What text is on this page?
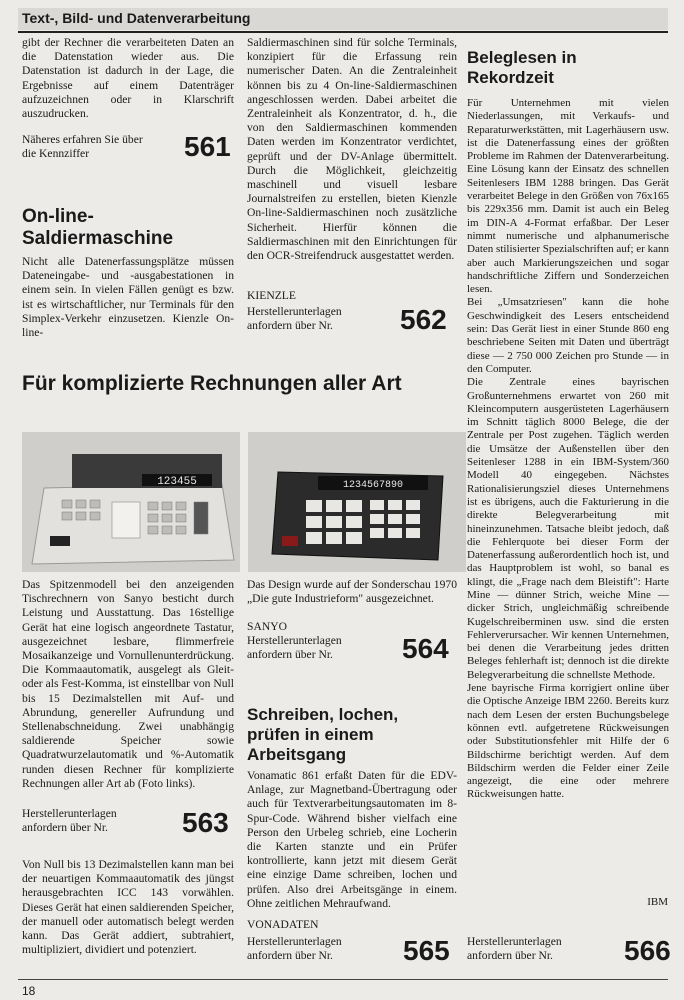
Text-, Bild- und Datenverarbeitung
gibt der Rechner die verarbeiteten Daten an die Datenstation wieder aus. Die Datenstation ist dadurch in der Lage, die Ergebnisse auf einem Datenträger aufzuzeichnen oder in Klarschrift auszudrucken.
Näheres erfahren Sie über die Kennziffer	561
On-line-Saldiermaschine
Nicht alle Datenerfassungsplätze müssen Dateneingabe- und -ausgabestationen in einem sein. In vielen Fällen genügt es bzw. ist es wirtschaftlicher, nur Terminals für den Simplex-Verkehr einzusetzen. Kienzle On-line-
Saldiermaschinen sind für solche Terminals, konzipiert für die Erfassung rein numerischer Daten. An die Zentraleinheit können bis zu 4 On-line-Saldiermaschinen angeschlossen werden. Dabei arbeitet die Zentraleinheit als Konzentrator, d. h., die von den Saldiermaschinen kommenden Daten werden im Konzentrator verdichtet, geprüft und der DV-Anlage übermittelt. Durch die Möglichkeit, gleichzeitig maschinell und visuell lesbare Journalstreifen zu erstellen, bieten Kienzle On-line-Saldiermaschinen noch zusätzliche Sicherheit. Hierfür können die Saldiermaschinen mit den Einrichtungen für den OCR-Streifendruck ausgestattet werden.
KIENZLE
Herstellerunterlagen anfordern über Nr.	562
Für komplizierte Rechnungen aller Art
123455	1234567890
Das Spitzenmodell bei den anzeigenden Tischrechnern von Sanyo besticht durch Leistung und Ausstattung. Das 16stellige Gerät hat eine logisch angeordnete Tastatur, ausgezeichnet lesbare, flimmerfreie Mosaikanzeige und Vornullenunterdrückung. Die Kommaautomatik, ausgelegt als Gleit- oder als Fest-Komma, ist einstellbar von Null bis 15 Dezimalstellen mit Auf- und Abrundung, genereller Aufrundung und Stellenabschneidung. Zwei unabhängig saldierende Speicher sowie Quadratwurzelautomatik und %-Automatik runden diesen Rechner für komplizierte Rechnungen aller Art ab (Foto links).
Herstellerunterlagen anfordern über Nr.	563
Von Null bis 13 Dezimalstellen kann man bei der neuartigen Kommaautomatik des jüngst herausgebrachten ICC 143 vorwählen. Dieses Gerät hat einen saldierenden Speicher, der manuell oder automatisch belegt werden kann. Das Gerät addiert, subtrahiert, multipliziert, dividiert und potenziert.
Das Design wurde auf der Sonderschau 1970 „Die gute Industrieform" ausgezeichnet.
SANYO
Herstellerunterlagen anfordern über Nr.	564
Schreiben, lochen, prüfen in einem Arbeitsgang
Vonamatic 861 erfaßt Daten für die EDV-Anlage, zur Magnetband-Übertragung oder auch für Textverarbeitungsautomaten im 8-Spur-Code. Während bisher vielfach eine Person den Urbeleg schrieb, eine Locherin die Karten stanzte und ein Prüfer kontrollierte, kann jetzt mit diesem Gerät eine einzige Dame schreiben, lochen und prüfen. Also drei Arbeitsgänge in einem. Ohne zeitlichen Mehraufwand.
VONADATEN
Herstellerunterlagen anfordern über Nr.	565
Beleglesen in Rekordzeit

Für Unternehmen mit vielen Niederlassungen, mit Verkaufs- und Reparaturwerkstätten, mit Lagerhäusern usw. ist die Datenerfassung eines der größten Probleme im Rahmen der Datenverarbeitung. Eine Lösung kann der Einsatz des schnellen Seitenlesers IBM 1288 bringen. Das Gerät verarbeitet Belege in den Größen von 76x165 bis 229x356 mm. Damit ist auch ein Beleg im DIN-A 4-Format erfaßbar. Der Leser nimmt numerische und alphanumerische Daten stilisierter Spezialschriften auf; er kann aber auch Markierungszeichen und sogar handschriftliche Ziffern und Sonderzeichen lesen.

Bei „Umsatzriesen" kann die hohe Geschwindigkeit des Lesers entscheidend sein: Das Gerät liest in einer Stunde 860 eng beschriebene Seiten mit Daten und überträgt diese — 2 750 000 Zeichen pro Stunde — in den Computer.

Die Zentrale eines bayrischen Großunternehmens erwartet von 260 mit Kleincomputern ausgerüsteten Lagerhäusern im Schnitt täglich 8000 Belege, die der Zentrale per Post zugehen. Täglich werden die Umsätze der Außenstellen über den Seitenleser 1288 in ein IBM-System/360 Modell 40 eingegeben. Nächstes Rationalisierungsziel dieses Unternehmens ist es übrigens, auch die Fakturierung in die direkte Belegverarbeitung mit hineinzunehmen. Tatsache bleibt jedoch, daß die Fehlerquote bei dieser Form der Datenerfassung außerordentlich hoch ist, und das Hauptproblem ist wohl, so banal es klingt, die „Frage nach dem Bleistift": Harte Mine — dünner Strich, weiche Mine — dicker Strich, ungleichmäßig schreibende Kugelschreiberminen usw. sind die ersten Fehlerverursacher. Wir kennen Unternehmen, bei denen die Verarbeitung jedes dritten Beleges fehlerhaft ist; dennoch ist die direkte Belegverarbeitung die schnellste Methode.

Jene bayrische Firma korrigiert online über die Optische Anzeige IBM 2260. Bereits kurz nach dem Lesen der ersten Buchungsbelege können evtl. aufgetretene Rückweisungen oder Substitutionsfehler mit Hilfe der 6 Bildschirme berichtigt werden. Auf dem Bildschirm werden die Felder einer Zeile angezeigt, die eine oder mehrere Rückweisungen hatte.

IBM
Herstellerunterlagen anfordern über Nr.	566
18
